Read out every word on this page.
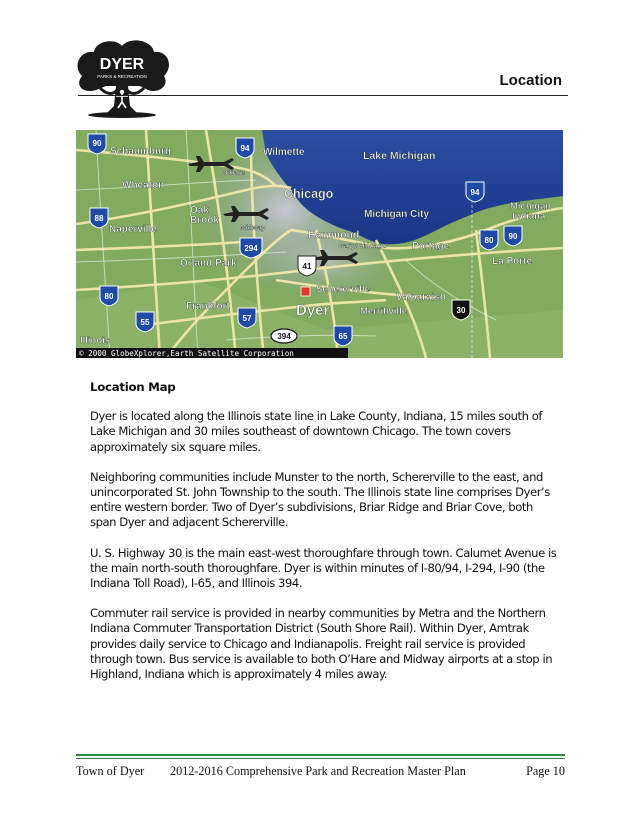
DYER
PARKS & RECREATION	Location
Schaumburg	Wilmette	Lake Michigan
O'Hare
Wheaton
Chicago
Michigan City
Michigan Indiana
Oak Brook
Naperville	Midway
Hammond
Gary/Chicago	Portage
Orland Park	La Porte
Schererville
Valparaiso
Frankfort	Dyer	Merrillville
Illinois
90
94
94
88
294
80 90
41
80
55	57
30
394	65
© 2000 GlobeXplorer,Earth Satellite Corporation
Location Map

Dyer is located along the Illinois state line in Lake County, Indiana, 15 miles south of Lake Michigan and 30 miles southeast of downtown Chicago. The town covers approximately six square miles.

Neighboring communities include Munster to the north, Schererville to the east, and unincorporated St. John Township to the south. The Illinois state line comprises Dyer’s entire western border. Two of Dyer’s subdivisions, Briar Ridge and Briar Cove, both span Dyer and adjacent Schererville.

U. S. Highway 30 is the main east-west thoroughfare through town. Calumet Avenue is the main north-south thoroughfare. Dyer is within minutes of I-80/94, I-294, I-90 (the Indiana Toll Road), I-65, and Illinois 394.

Commuter rail service is provided in nearby communities by Metra and the Northern Indiana Commuter Transportation District (South Shore Rail). Within Dyer, Amtrak provides daily service to Chicago and Indianapolis. Freight rail service is provided through town. Bus service is available to both O’Hare and Midway airports at a stop in Highland, Indiana which is approximately 4 miles away.

Town of Dyer 2012-2016 Comprehensive Park and Recreation Master Plan	Page 10
